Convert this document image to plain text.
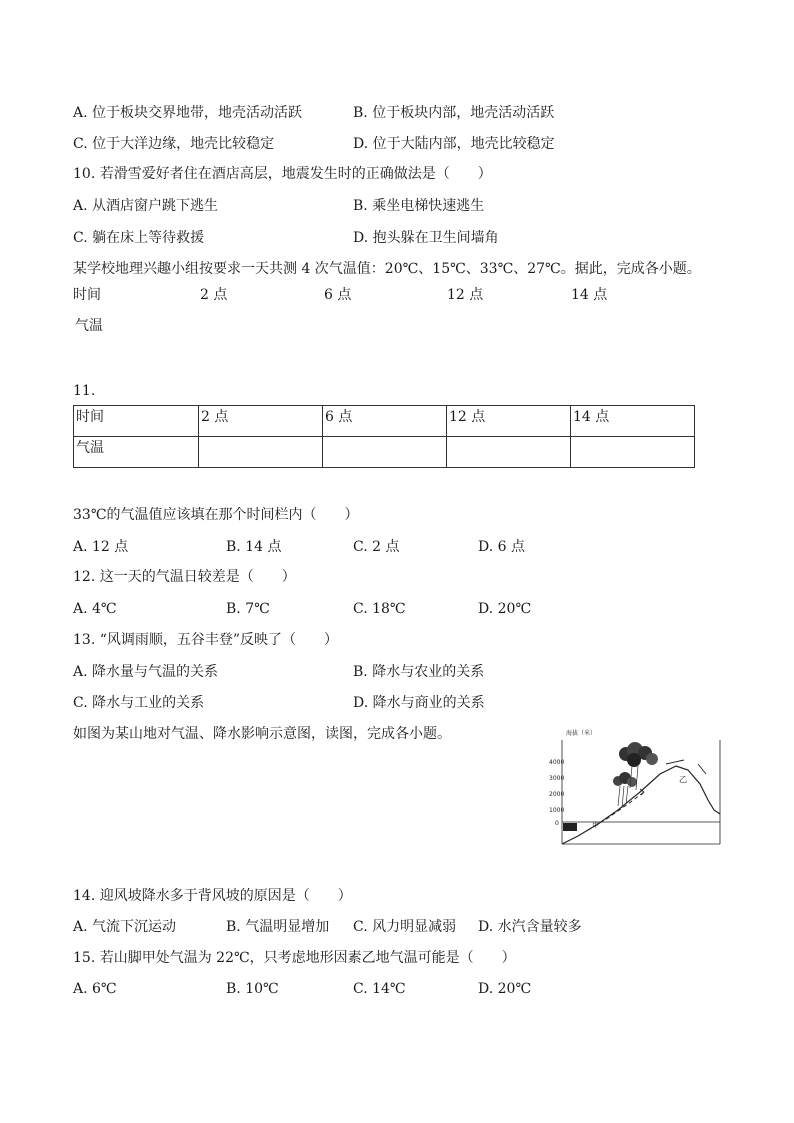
A. 位于板块交界地带，地壳活动活跃	B. 位于板块内部，地壳活动活跃
C. 位于大洋边缘，地壳比较稳定	D. 位于大陆内部，地壳比较稳定
10. 若滑雪爱好者住在酒店高层，地震发生时的正确做法是（　　）
A. 从酒店窗户跳下逃生	B. 乘坐电梯快速逃生
C. 躺在床上等待救援	D. 抱头躲在卫生间墙角
某学校地理兴趣小组按要求一天共测 4 次气温值：20℃、15℃、33℃、27℃。据此，完成各小题。
时间	2 点	6 点	12 点	14 点
气温
11.
时间	2 点	6 点	12 点	14 点
气温				
33℃的气温值应该填在那个时间栏内（　　）
A. 12 点	B. 14 点	C. 2 点	D. 6 点
12. 这一天的气温日较差是（　　）
A. 4℃	B. 7℃	C. 18℃	D. 20℃
13. “风调雨顺，五谷丰登”反映了（　　）
A. 降水量与气温的关系	B. 降水与农业的关系
C. 降水与工业的关系	D. 降水与商业的关系
如图为某山地对气温、降水影响示意图，读图，完成各小题。	海拔（米）
4000
3000
2000
1000
0
乙
甲
14. 迎风坡降水多于背风坡的原因是（　　）
A. 气流下沉运动	B. 气温明显增加 C. 风力明显减弱 D. 水汽含量较多
15. 若山脚甲处气温为 22℃，只考虑地形因素乙地气温可能是（　　）
A. 6℃	B. 10℃	C. 14℃	D. 20℃
